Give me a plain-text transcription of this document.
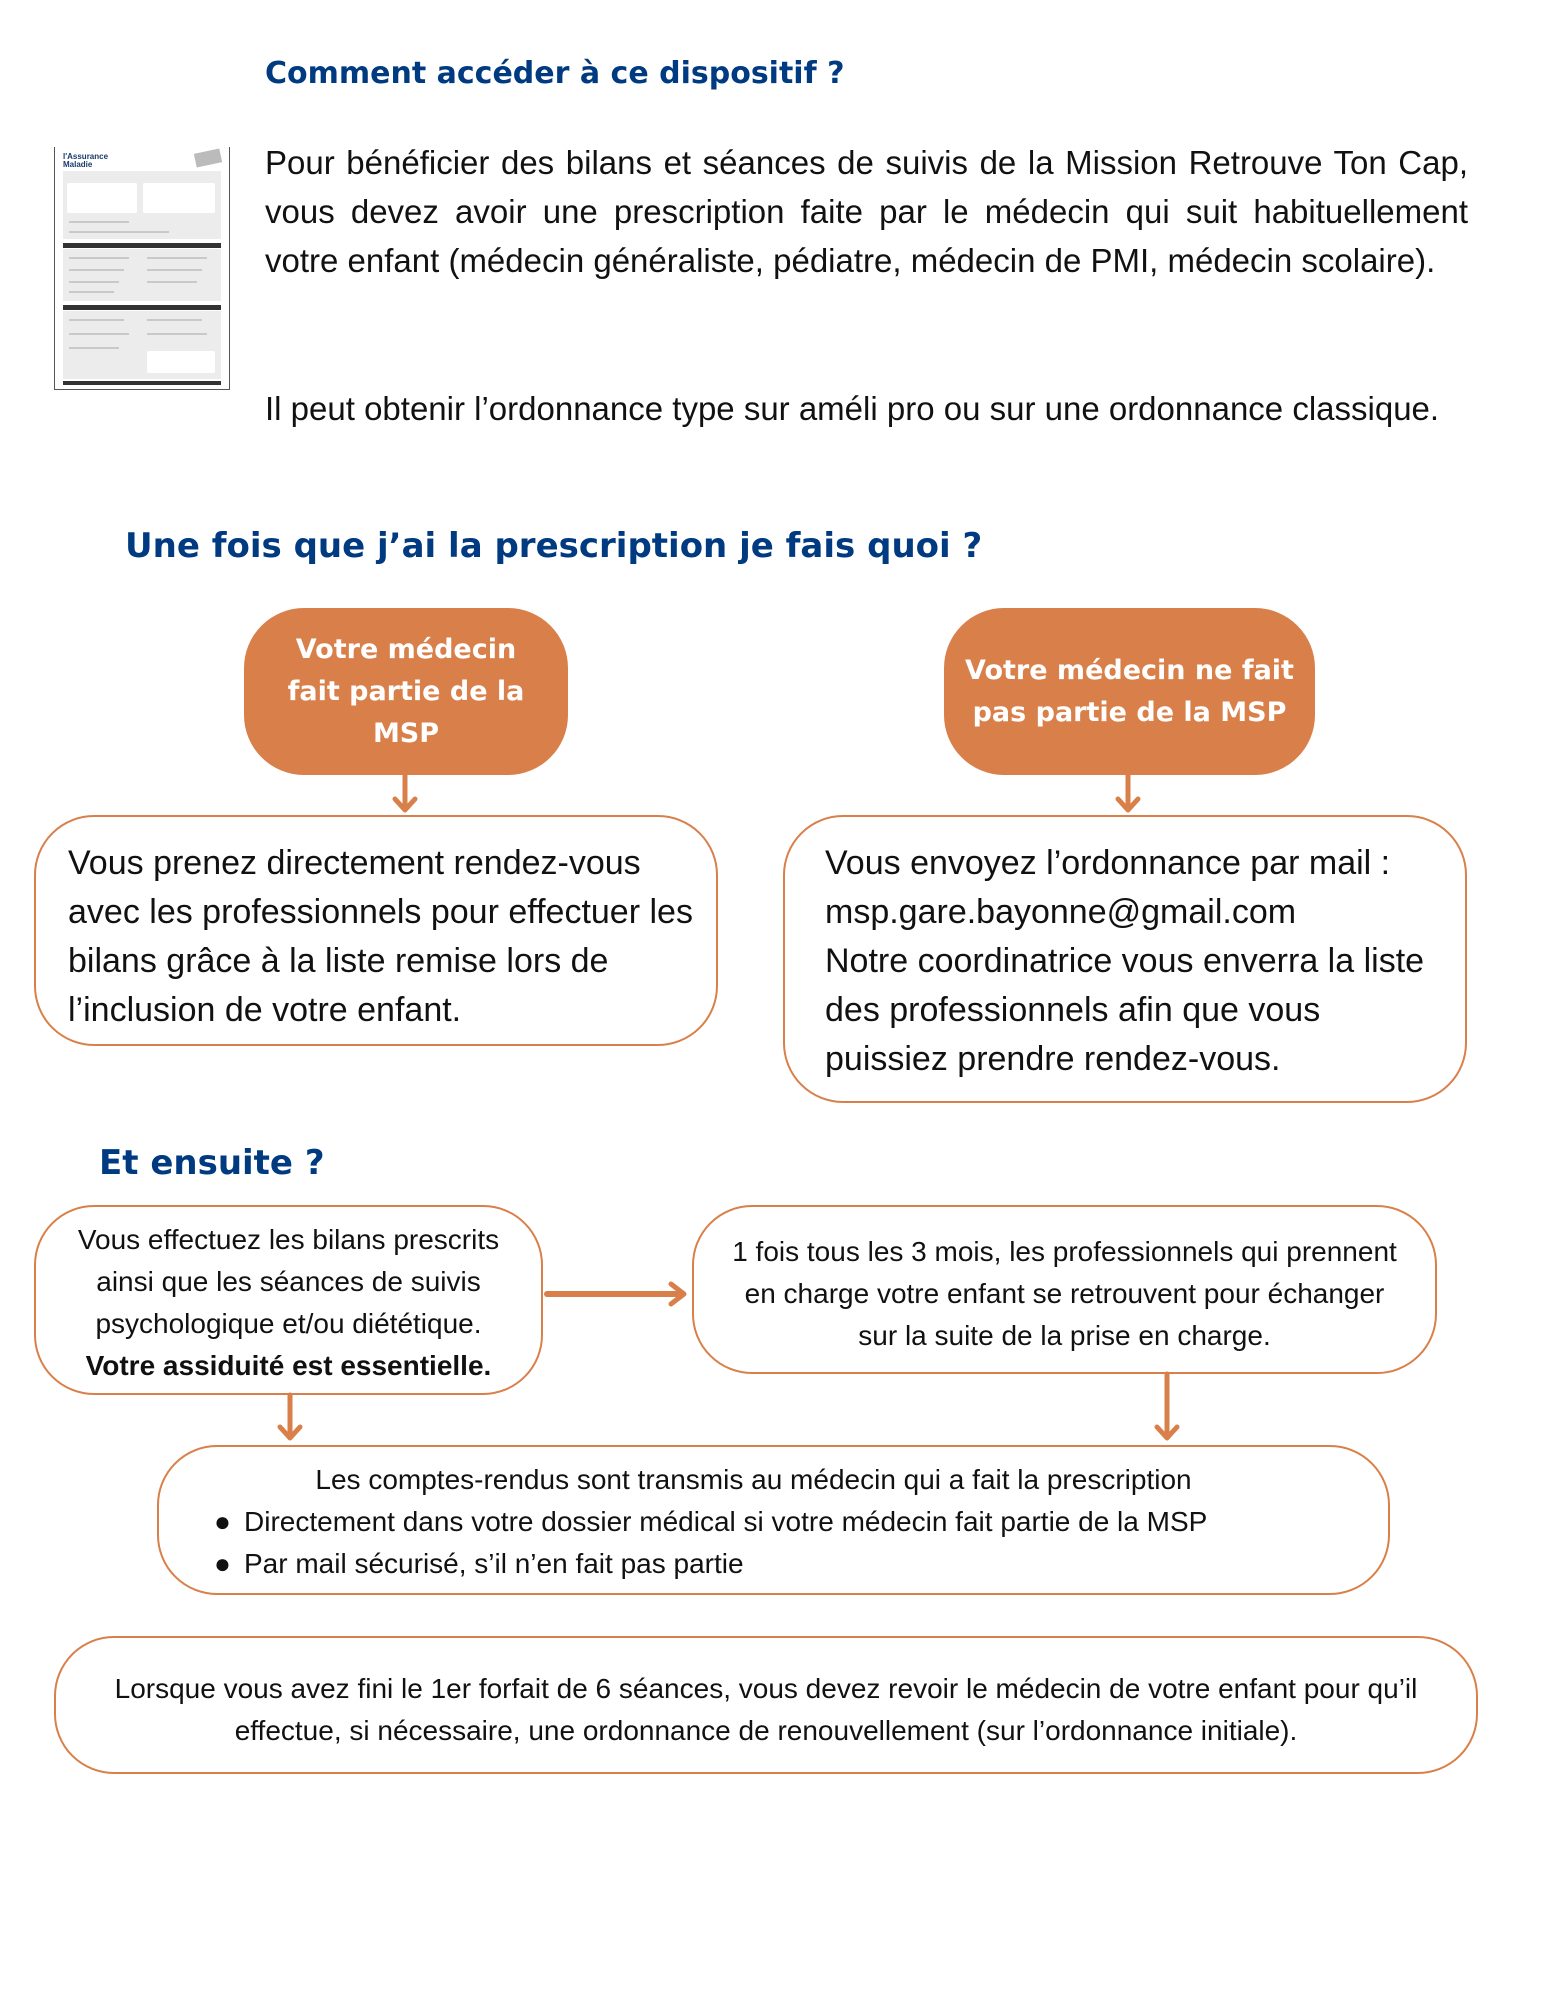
Comment accéder à ce dispositif ?
l'Assurance
Maladie	Pour bénéficier des bilans et séances de suivis de la Mission Retrouve Ton Cap, vous devez avoir une prescription faite par le médecin qui suit habituellement votre enfant (médecin généraliste, pédiatre, médecin de PMI, médecin scolaire).
Il peut obtenir l’ordonnance type sur améli pro ou sur une ordonnance classique.
Une fois que j’ai la prescription je fais quoi ?
Votre médecin fait partie de la MSP
Votre médecin ne fait pas partie de la MSP
Vous prenez directement rendez-vous avec les professionnels pour effectuer les bilans grâce à la liste remise lors de l’inclusion de votre enfant.
Vous envoyez l’ordonnance par mail :
msp.gare.bayonne@gmail.com
Notre coordinatrice vous enverra la liste des professionnels afin que vous puissiez prendre rendez-vous.
Et ensuite ?
Vous effectuez les bilans prescrits ainsi que les séances de suivis psychologique et/ou diététique.
Votre assiduité est essentielle.
1 fois tous les 3 mois, les professionnels qui prennent en charge votre enfant se retrouvent pour échanger sur la suite de la prise en charge.
Les comptes-rendus sont transmis au médecin qui a fait la prescription
● Directement dans votre dossier médical si votre médecin fait partie de la MSP
● Par mail sécurisé, s’il n’en fait pas partie
Lorsque vous avez fini le 1er forfait de 6 séances, vous devez revoir le médecin de votre enfant pour qu’il effectue, si nécessaire, une ordonnance de renouvellement (sur l’ordonnance initiale).
